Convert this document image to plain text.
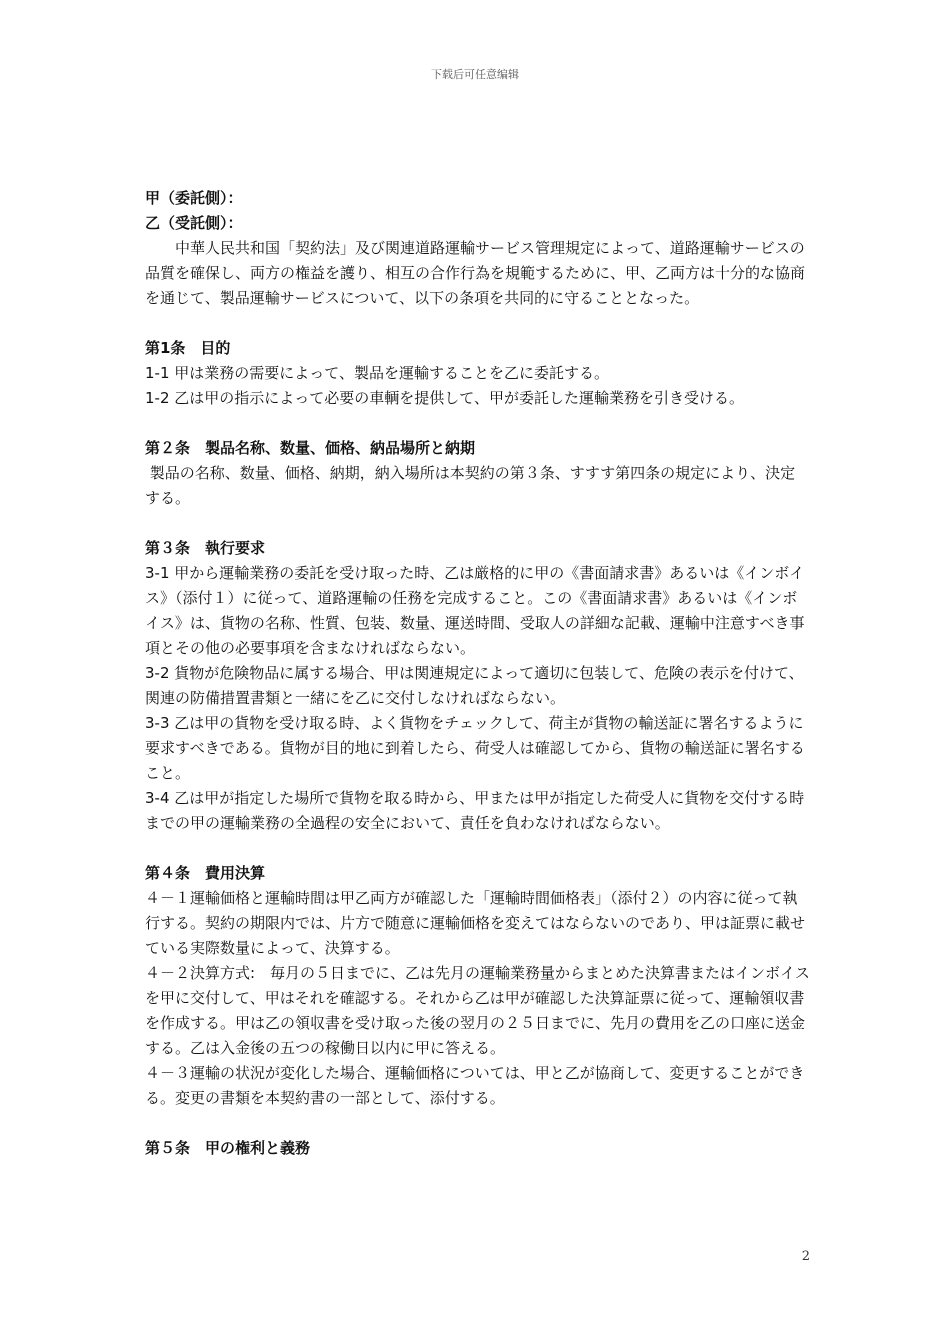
下载后可任意编辑
甲（委託側）：
乙（受託側）：

中華人民共和国「契約法」及び関連道路運輸サービス管理規定によって、道路運輸サービスの品質を確保し、両方の権益を護り、相互の合作行為を規範するために、甲、乙両方は十分的な協商を通じて、製品運輸サービスについて、以下の条項を共同的に守ることとなった。

第1条　目的

1-1 甲は業務の需要によって、製品を運輸することを乙に委託する。

1-2 乙は甲の指示によって必要の車輌を提供して、甲が委託した運輸業務を引き受ける。

第２条　製品名称、数量、価格、納品場所と納期

製品の名称、数量、価格、納期，納入場所は本契約の第３条、すすす第四条の規定により、決定する。

第３条　執行要求

3-1 甲から運輸業務の委託を受け取った時、乙は厳格的に甲の《書面請求書》あるいは《インボイス》（添付１）に従って、道路運輸の任務を完成すること。この《書面請求書》あるいは《インボイス》は、貨物の名称、性質、包装、数量、運送時間、受取人の詳細な記載、運輸中注意すべき事項とその他の必要事項を含まなければならない。

3-2 貨物が危険物品に属する場合、甲は関連規定によって適切に包装して、危険の表示を付けて、関連の防備措置書類と一緒にを乙に交付しなければならない。

3-3 乙は甲の貨物を受け取る時、よく貨物をチェックして、荷主が貨物の輸送証に署名するように要求すべきである。貨物が目的地に到着したら、荷受人は確認してから、貨物の輸送証に署名すること。

3-4 乙は甲が指定した場所で貨物を取る時から、甲または甲が指定した荷受人に貨物を交付する時までの甲の運輸業務の全過程の安全において、責任を負わなければならない。

第４条　費用決算

４－１運輸価格と運輸時間は甲乙両方が確認した「運輸時間価格表」（添付２）の内容に従って執行する。契約の期限内では、片方で随意に運輸価格を変えてはならないのであり、甲は証票に載せている実際数量によって、決算する。

４－２決算方式:　毎月の５日までに、乙は先月の運輸業務量からまとめた決算書またはインボイスを甲に交付して、甲はそれを確認する。それから乙は甲が確認した決算証票に従って、運輸領収書を作成する。甲は乙の領収書を受け取った後の翌月の２５日までに、先月の費用を乙の口座に送金する。乙は入金後の五つの稼働日以内に甲に答える。

４－３運輸の状況が変化した場合、運輸価格については、甲と乙が協商して、変更することができる。変更の書類を本契約書の一部として、添付する。

第５条　甲の権利と義務
2
